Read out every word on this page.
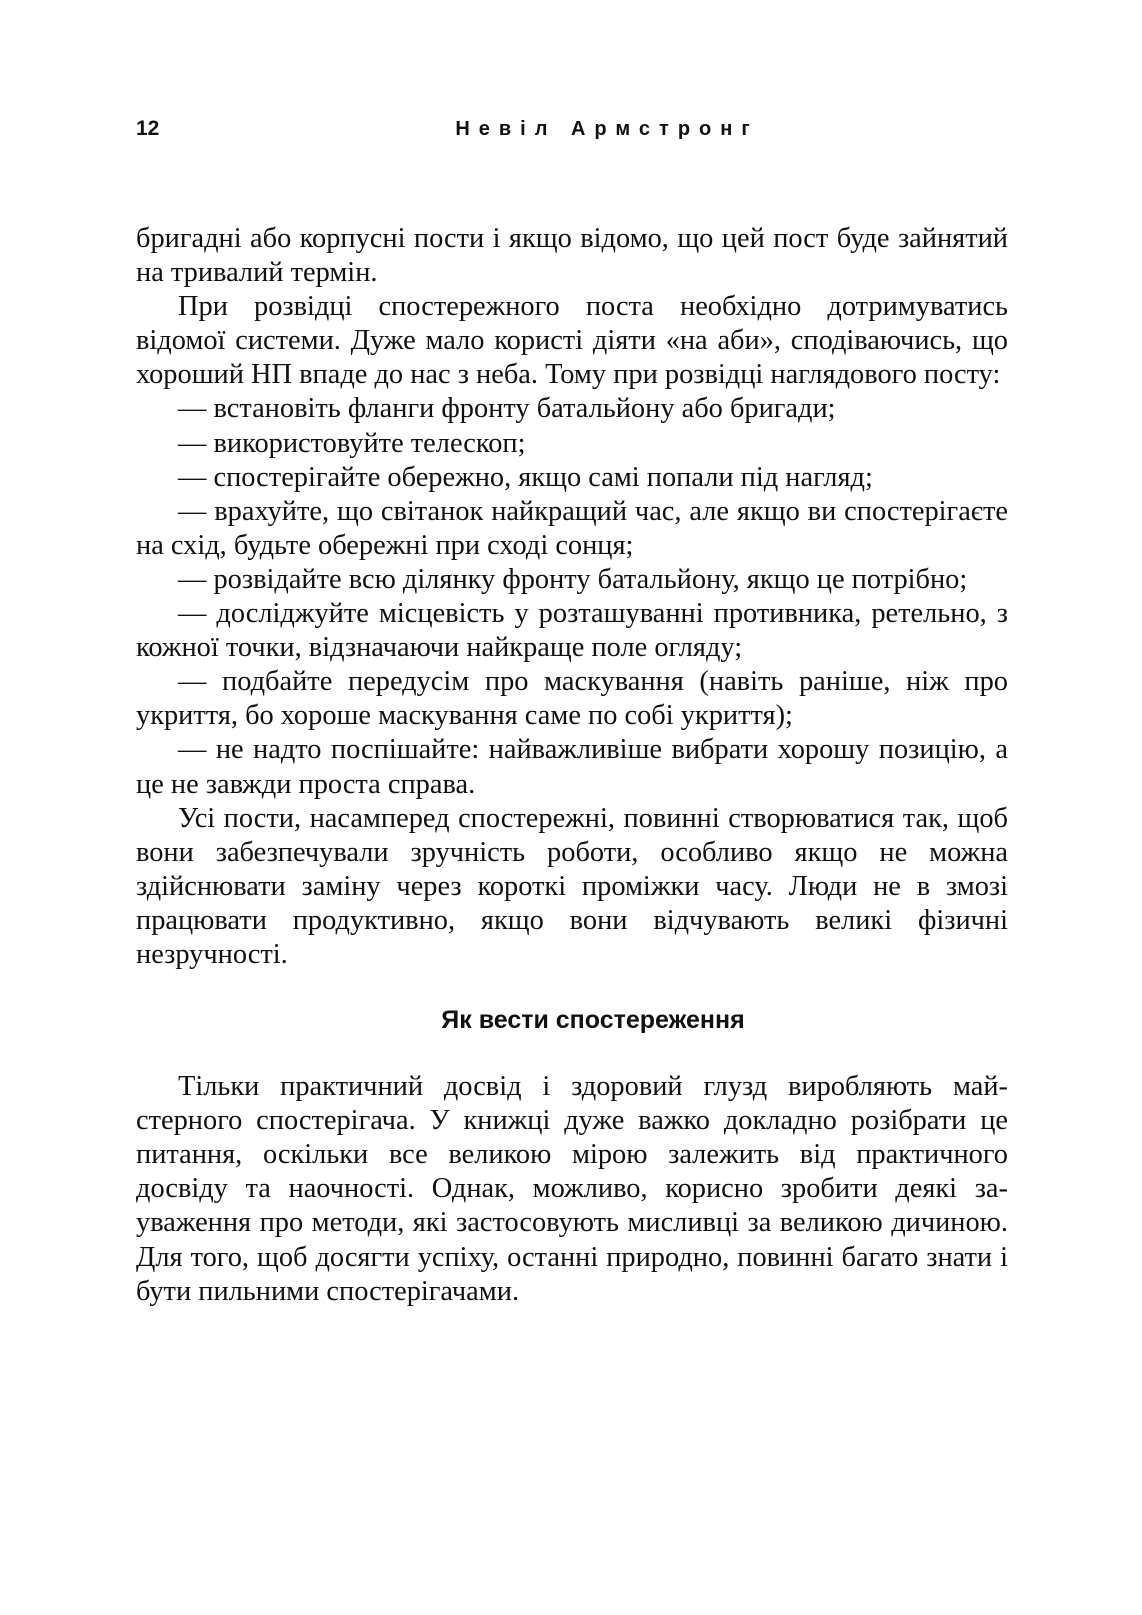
12	Невіл Армстронг

бригадні або корпусні пости і якщо відомо, що цей пост буде зайнятий на тривалий термін.

При розвідці спостережного поста необхідно дотримуватись відомої системи. Дуже мало користі діяти «на аби», сподіваючись, що хороший НП впаде до нас з неба. Тому при розвідці наглядового посту:

— встановіть фланги фронту батальйону або бригади;

— використовуйте телескоп;

— спостерігайте обережно, якщо самі попали під нагляд;

— врахуйте, що світанок найкращий час, але якщо ви спостерігаєте на схід, будьте обережні при сході сонця;

— розвідайте всю ділянку фронту батальйону, якщо це потрібно;

— досліджуйте місцевість у розташуванні противника, ретельно, з кожної точки, відзначаючи найкраще поле огляду;

— подбайте передусім про маскування (навіть раніше, ніж про укриття, бо хороше маскування саме по собі укриття);

— не надто поспішайте: найважливіше вибрати хорошу позицію, а це не завжди проста справа.

Усі пости, насамперед спостережні, повинні створюватися так, щоб вони забезпечували зручність роботи, особливо якщо не можна здійснювати заміну через короткі проміжки часу. Люди не в змозі працювати продуктивно, якщо вони відчувають великі фізичні незручності.

Як вести спостереження

Тільки практичний досвід і здоровий глузд виробляють майстерного спостерігача. У книжці дуже важко докладно розібрати це питання, оскільки все великою мірою залежить від практичного досвіду та наочності. Однак, можливо, корисно зробити деякі зауваження про методи, які застосовують мисливці за великою дичиною. Для того, щоб досягти успіху, останні природно, повинні багато знати і бути пильними спостерігачами.
